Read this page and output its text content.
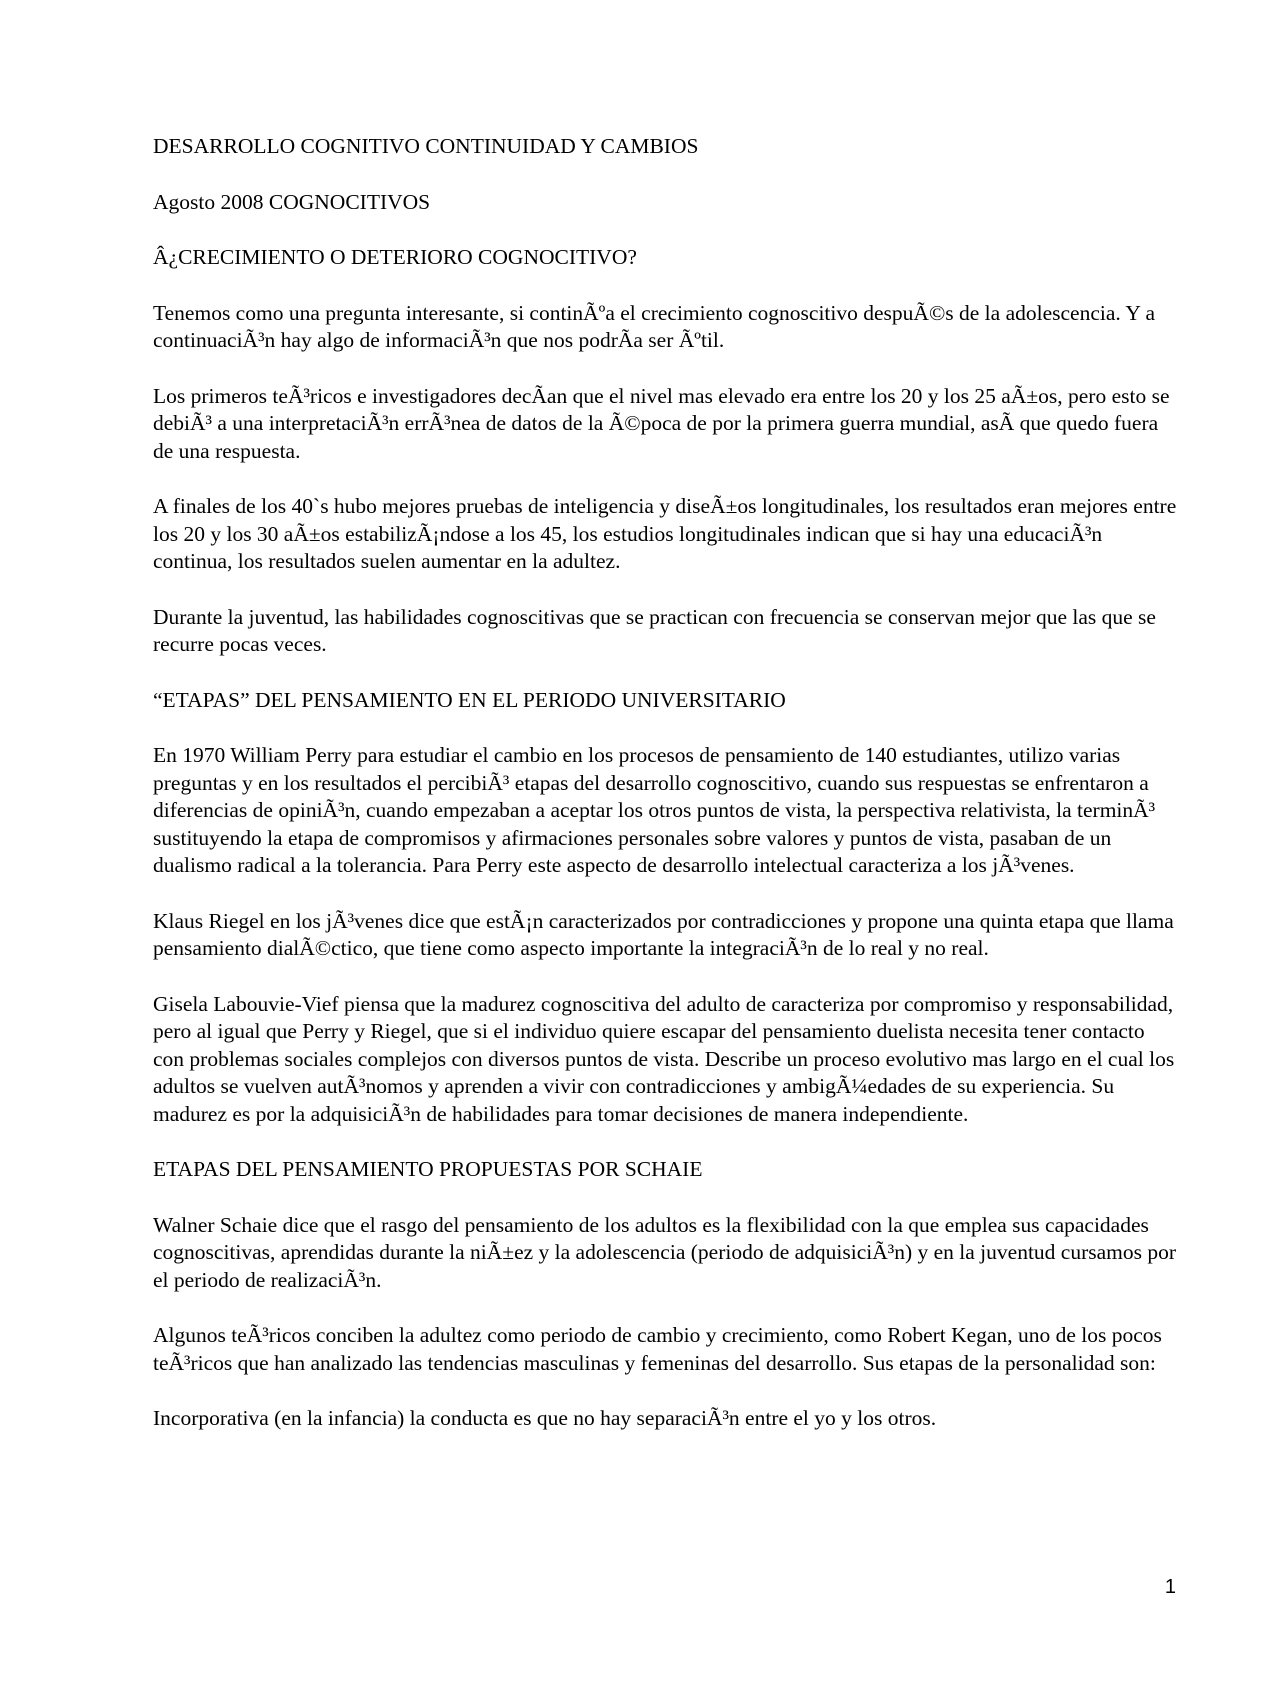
DESARROLLO COGNITIVO CONTINUIDAD Y CAMBIOS

Agosto 2008 COGNOCITIVOS

Â¿CRECIMIENTO O DETERIORO COGNOCITIVO?

Tenemos como una pregunta interesante, si continÃºa el crecimiento cognoscitivo despuÃ©s de la adolescencia. Y a continuaciÃ³n hay algo de informaciÃ³n que nos podrÃa ser Ãºtil.

Los primeros teÃ³ricos e investigadores decÃan que el nivel mas elevado era entre los 20 y los 25 aÃ±os, pero esto se debiÃ³ a una interpretaciÃ³n errÃ³nea de datos de la Ã©poca de por la primera guerra mundial, asÃ que quedo fuera de una respuesta.

A finales de los 40`s hubo mejores pruebas de inteligencia y diseÃ±os longitudinales, los resultados eran mejores entre los 20 y los 30 aÃ±os estabilizÃ¡ndose a los 45, los estudios longitudinales indican que si hay una educaciÃ³n continua, los resultados suelen aumentar en la adultez.

Durante la juventud, las habilidades cognoscitivas que se practican con frecuencia se conservan mejor que las que se recurre pocas veces.

“ETAPAS” DEL PENSAMIENTO EN EL PERIODO UNIVERSITARIO

En 1970 William Perry para estudiar el cambio en los procesos de pensamiento de 140 estudiantes, utilizo varias preguntas y en los resultados el percibiÃ³ etapas del desarrollo cognoscitivo, cuando sus respuestas se enfrentaron a diferencias de opiniÃ³n, cuando empezaban a aceptar los otros puntos de vista, la perspectiva relativista, la terminÃ³ sustituyendo la etapa de compromisos y afirmaciones personales sobre valores y puntos de vista, pasaban de un dualismo radical a la tolerancia. Para Perry este aspecto de desarrollo intelectual caracteriza a los jÃ³venes.

Klaus Riegel en los jÃ³venes dice que estÃ¡n caracterizados por contradicciones y propone una quinta etapa que llama pensamiento dialÃ©ctico, que tiene como aspecto importante la integraciÃ³n de lo real y no real.

Gisela Labouvie-Vief piensa que la madurez cognoscitiva del adulto de caracteriza por compromiso y responsabilidad, pero al igual que Perry y Riegel, que si el individuo quiere escapar del pensamiento duelista necesita tener contacto con problemas sociales complejos con diversos puntos de vista. Describe un proceso evolutivo mas largo en el cual los adultos se vuelven autÃ³nomos y aprenden a vivir con contradicciones y ambigÃ¼edades de su experiencia. Su madurez es por la adquisiciÃ³n de habilidades para tomar decisiones de manera independiente.

ETAPAS DEL PENSAMIENTO PROPUESTAS POR SCHAIE

Walner Schaie dice que el rasgo del pensamiento de los adultos es la flexibilidad con la que emplea sus capacidades cognoscitivas, aprendidas durante la niÃ±ez y la adolescencia (periodo de adquisiciÃ³n) y en la juventud cursamos por el periodo de realizaciÃ³n.

Algunos teÃ³ricos conciben la adultez como periodo de cambio y crecimiento, como Robert Kegan, uno de los pocos teÃ³ricos que han analizado las tendencias masculinas y femeninas del desarrollo. Sus etapas de la personalidad son:

Incorporativa (en la infancia) la conducta es que no hay separaciÃ³n entre el yo y los otros.

1
